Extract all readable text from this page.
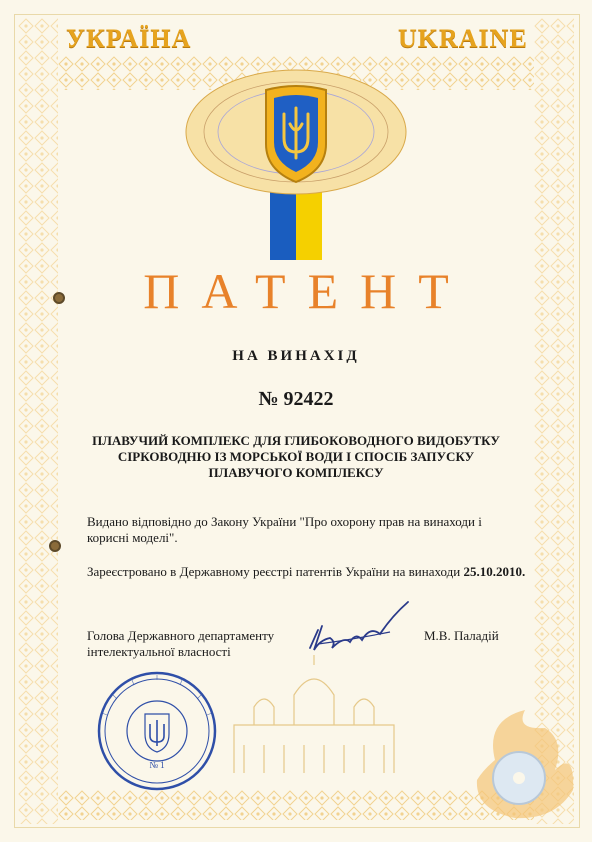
УКРАЇНА	UKRAINE
ПАТЕНТ
НА ВИНАХІД
№ 92422
ПЛАВУЧИЙ КОМПЛЕКС ДЛЯ ГЛИБОКОВОДНОГО ВИДОБУТКУ СІРКОВОДНЮ ІЗ МОРСЬКОЇ ВОДИ І СПОСІБ ЗАПУСКУ ПЛАВУЧОГО КОМПЛЕКСУ
Видано відповідно до Закону України "Про охорону прав на винаходи і корисні моделі".
Зареєстровано в Державному реєстрі патентів України на винаходи 25.10.2010.
Голова Державного департаменту інтелектуальної власності
М.В. Паладій
№ 1
